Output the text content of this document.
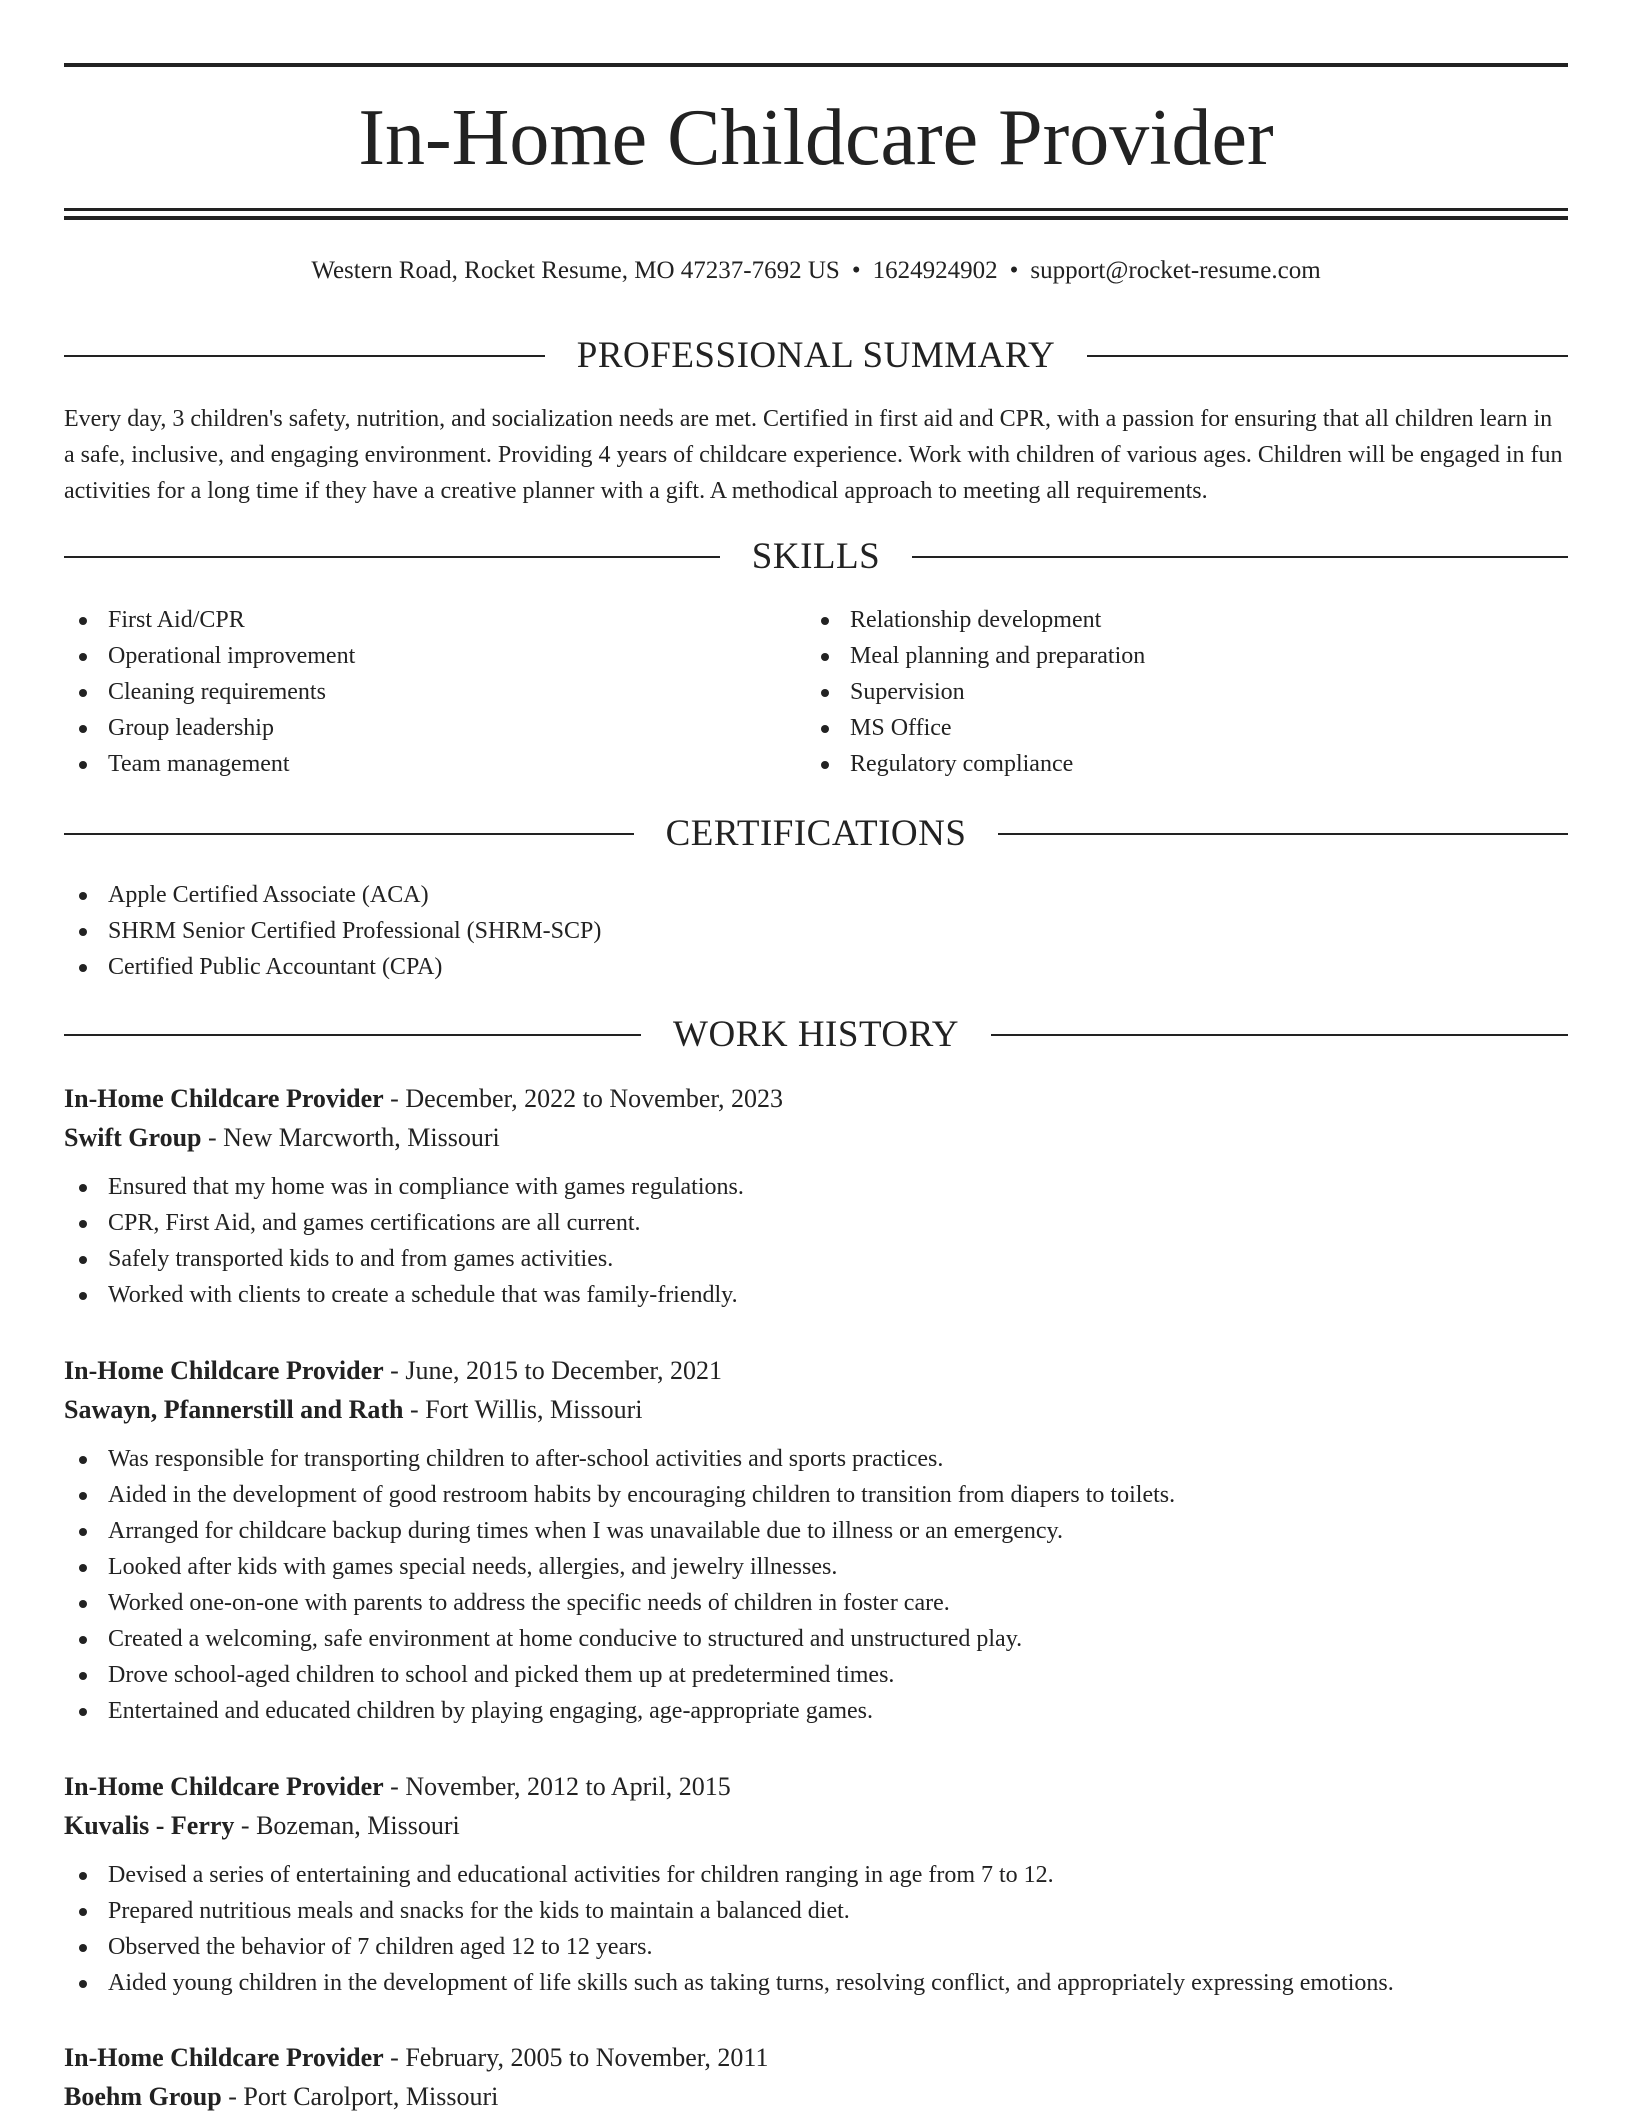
In-Home Childcare Provider
Western Road, Rocket Resume, MO 47237-7692 US • 1624924902 • support@rocket-resume.com
PROFESSIONAL SUMMARY

Every day, 3 children's safety, nutrition, and socialization needs are met. Certified in first aid and CPR, with a passion for ensuring that all children learn in a safe, inclusive, and engaging environment. Providing 4 years of childcare experience. Work with children of various ages. Children will be engaged in fun activities for a long time if they have a creative planner with a gift. A methodical approach to meeting all requirements.

SKILLS
First Aid/CPR
Operational improvement
Cleaning requirements
Group leadership
Team management
Relationship development
Meal planning and preparation
Supervision
MS Office
Regulatory compliance
CERTIFICATIONS
Apple Certified Associate (ACA)
SHRM Senior Certified Professional (SHRM-SCP)
Certified Public Accountant (CPA)
WORK HISTORY
In-Home Childcare Provider - December, 2022 to November, 2023
Swift Group - New Marcworth, Missouri
Ensured that my home was in compliance with games regulations.
CPR, First Aid, and games certifications are all current.
Safely transported kids to and from games activities.
Worked with clients to create a schedule that was family-friendly.
In-Home Childcare Provider - June, 2015 to December, 2021
Sawayn, Pfannerstill and Rath - Fort Willis, Missouri
Was responsible for transporting children to after-school activities and sports practices.
Aided in the development of good restroom habits by encouraging children to transition from diapers to toilets.
Arranged for childcare backup during times when I was unavailable due to illness or an emergency.
Looked after kids with games special needs, allergies, and jewelry illnesses.
Worked one-on-one with parents to address the specific needs of children in foster care.
Created a welcoming, safe environment at home conducive to structured and unstructured play.
Drove school-aged children to school and picked them up at predetermined times.
Entertained and educated children by playing engaging, age-appropriate games.
In-Home Childcare Provider - November, 2012 to April, 2015
Kuvalis - Ferry - Bozeman, Missouri
Devised a series of entertaining and educational activities for children ranging in age from 7 to 12.
Prepared nutritious meals and snacks for the kids to maintain a balanced diet.
Observed the behavior of 7 children aged 12 to 12 years.
Aided young children in the development of life skills such as taking turns, resolving conflict, and appropriately expressing emotions.
In-Home Childcare Provider - February, 2005 to November, 2011
Boehm Group - Port Carolport, Missouri
